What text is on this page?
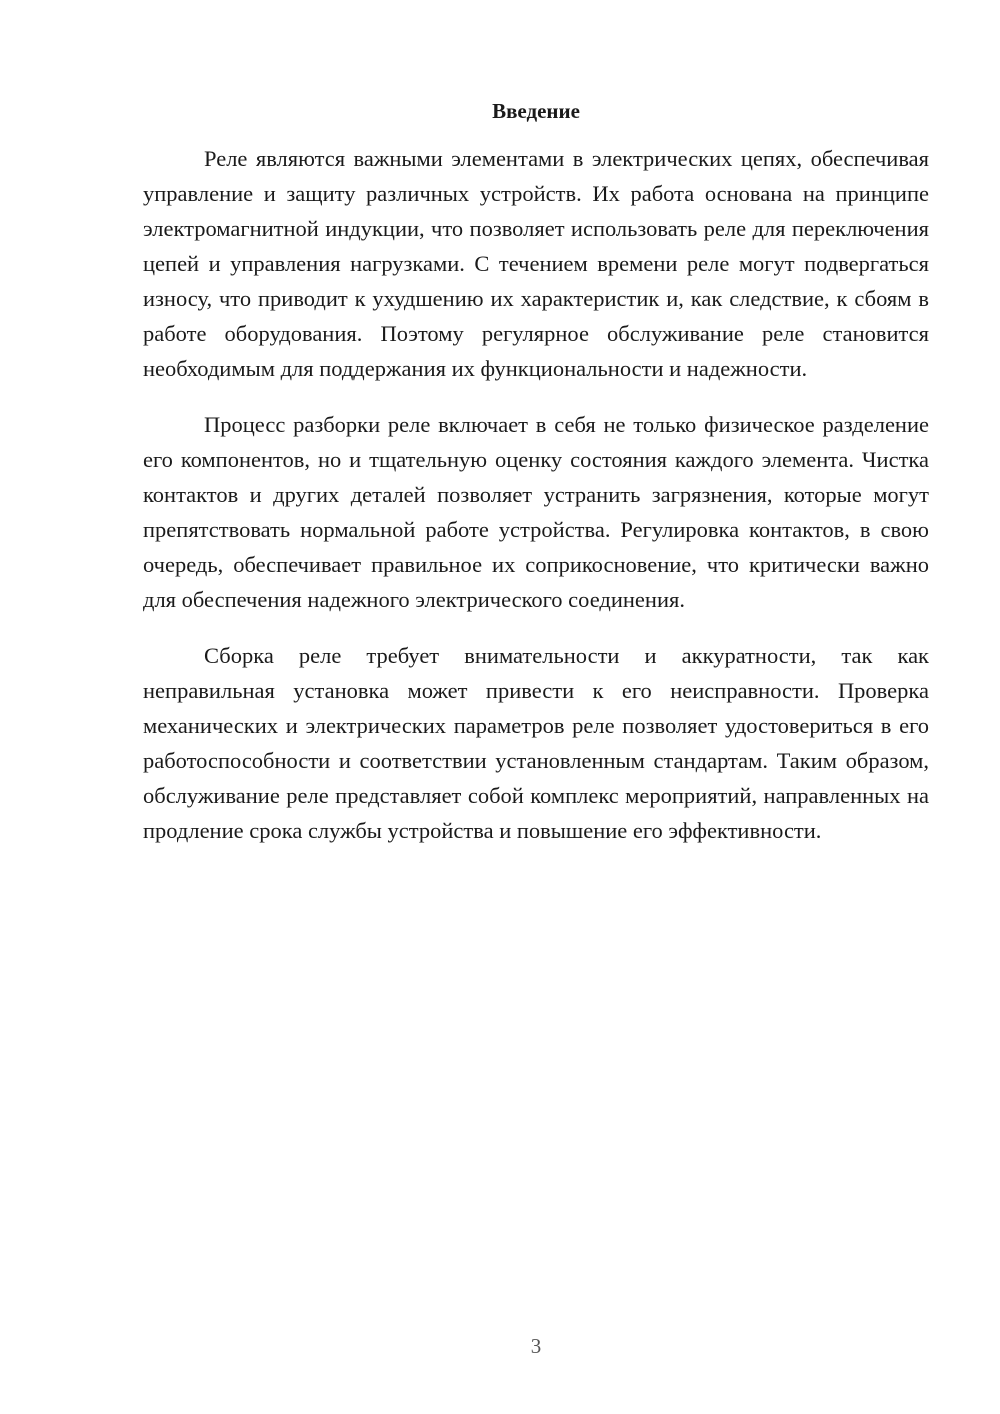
Введение

Реле являются важными элементами в электрических цепях, обеспечивая управление и защиту различных устройств. Их работа основана на принципе электромагнитной индукции, что позволяет использовать реле для переключения цепей и управления нагрузками. С течением времени реле могут подвергаться износу, что приводит к ухудшению их характеристик и, как следствие, к сбоям в работе оборудования. Поэтому регулярное обслуживание реле становится необходимым для поддержания их функциональности и надежности.

Процесс разборки реле включает в себя не только физическое разделение его компонентов, но и тщательную оценку состояния каждого элемента. Чистка контактов и других деталей позволяет устранить загрязнения, которые могут препятствовать нормальной работе устройства. Регулировка контактов, в свою очередь, обеспечивает правильное их соприкосновение, что критически важно для обеспечения надежного электрического соединения.

Сборка реле требует внимательности и аккуратности, так как неправильная установка может привести к его неисправности. Проверка механических и электрических параметров реле позволяет удостовериться в его работоспособности и соответствии установленным стандартам. Таким образом, обслуживание реле представляет собой комплекс мероприятий, направленных на продление срока службы устройства и повышение его эффективности.

3
